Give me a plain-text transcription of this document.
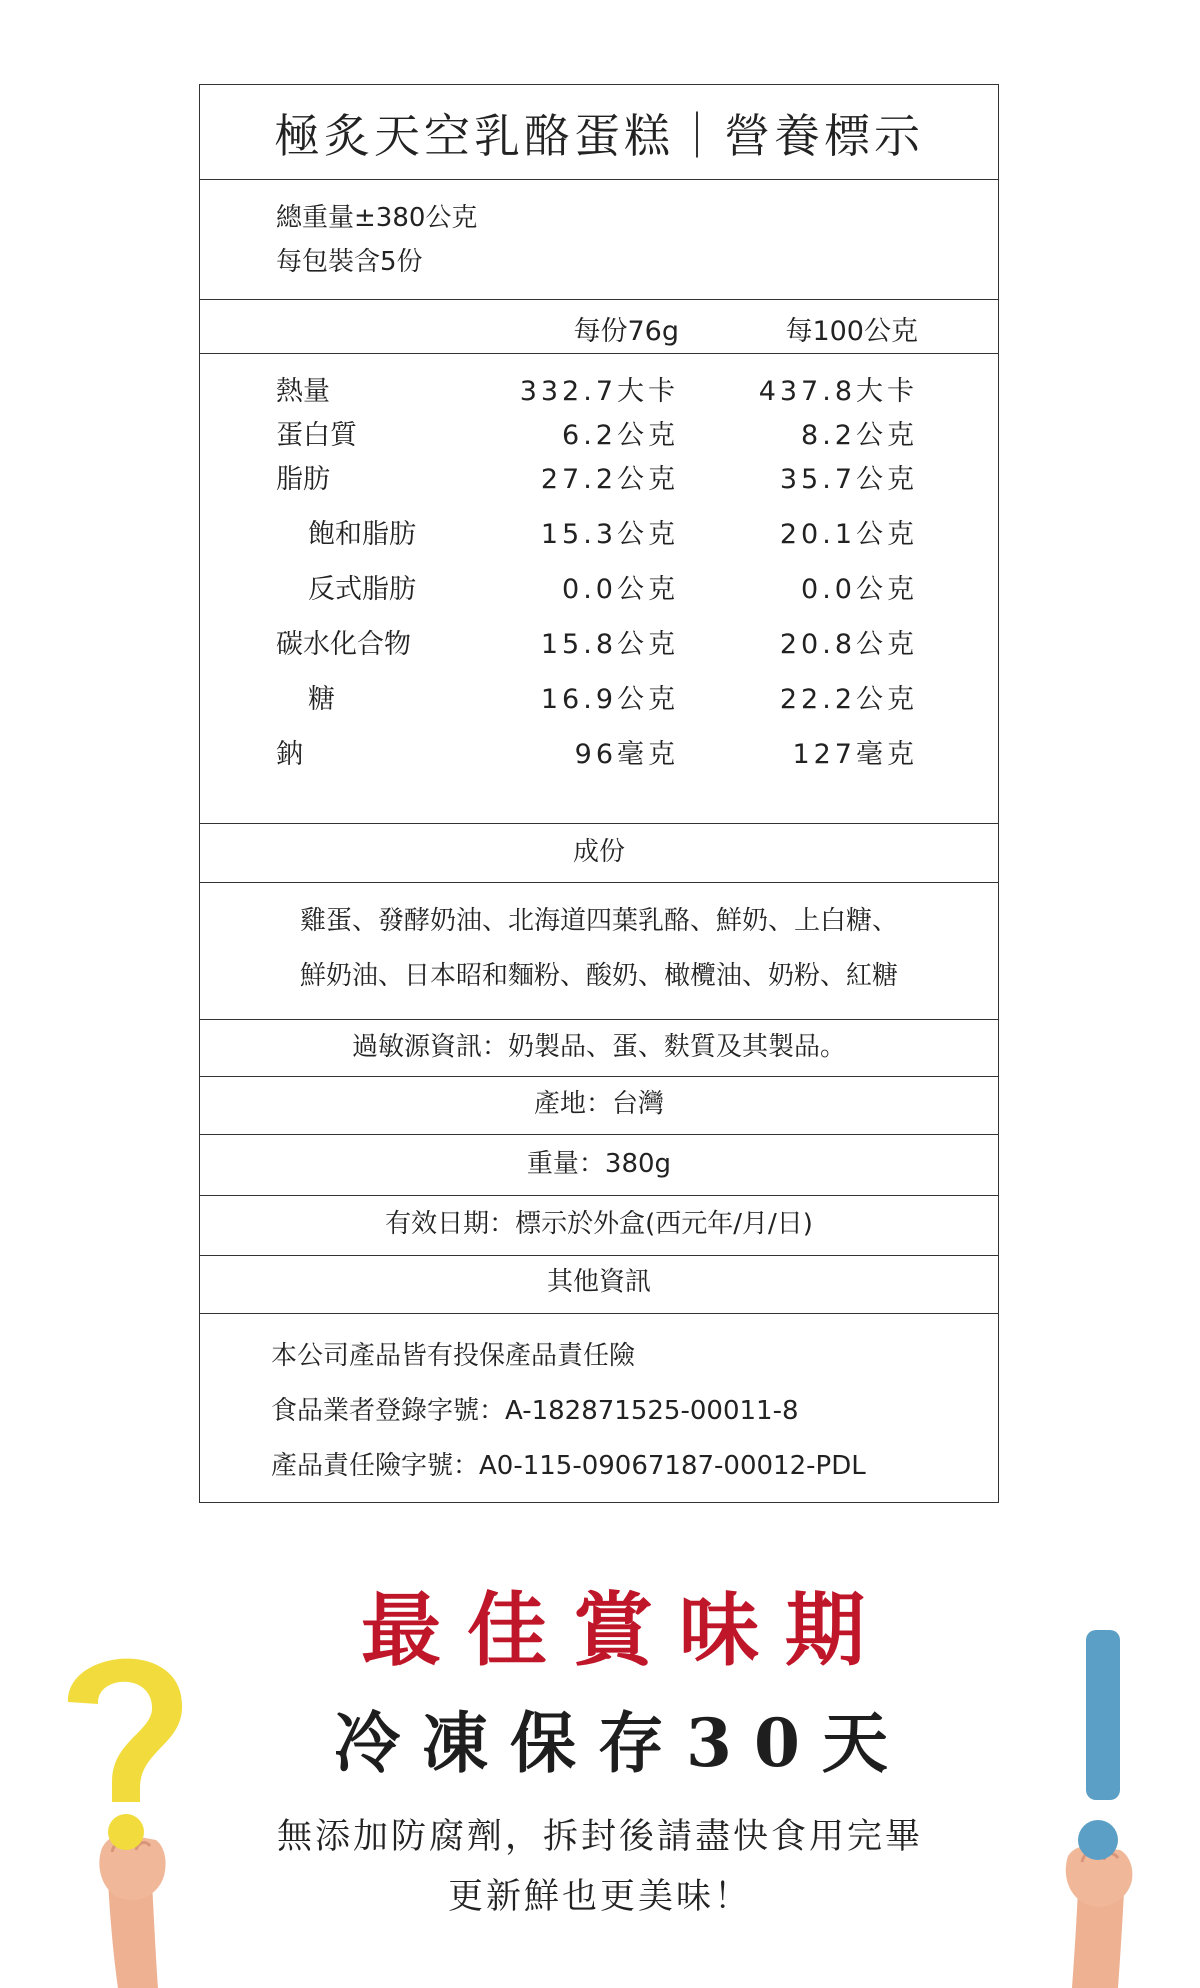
極炙天空乳酪蛋糕｜營養標示
總重量±380公克
每包裝含5份
每份76g	每100公克
熱量	332.7大卡	437.8大卡
蛋白質	6.2公克	8.2公克
脂肪	27.2公克	35.7公克
飽和脂肪	15.3公克	20.1公克
反式脂肪	0.0公克	0.0公克
碳水化合物	15.8公克	20.8公克
糖	16.9公克	22.2公克
鈉	96毫克	127毫克
成份
雞蛋、發酵奶油、北海道四葉乳酪、鮮奶、上白糖、
鮮奶油、日本昭和麵粉、酸奶、橄欖油、奶粉、紅糖
過敏源資訊：奶製品、蛋、麩質及其製品。
產地：台灣
重量：380g
有效日期：標示於外盒(西元年/月/日)
其他資訊
本公司產品皆有投保產品責任險
食品業者登錄字號：A-182871525-00011-8
產品責任險字號：A0-115-09067187-00012-PDL
最佳賞味期
冷凍保存30天
無添加防腐劑，拆封後請盡快食用完畢
更新鮮也更美味！
